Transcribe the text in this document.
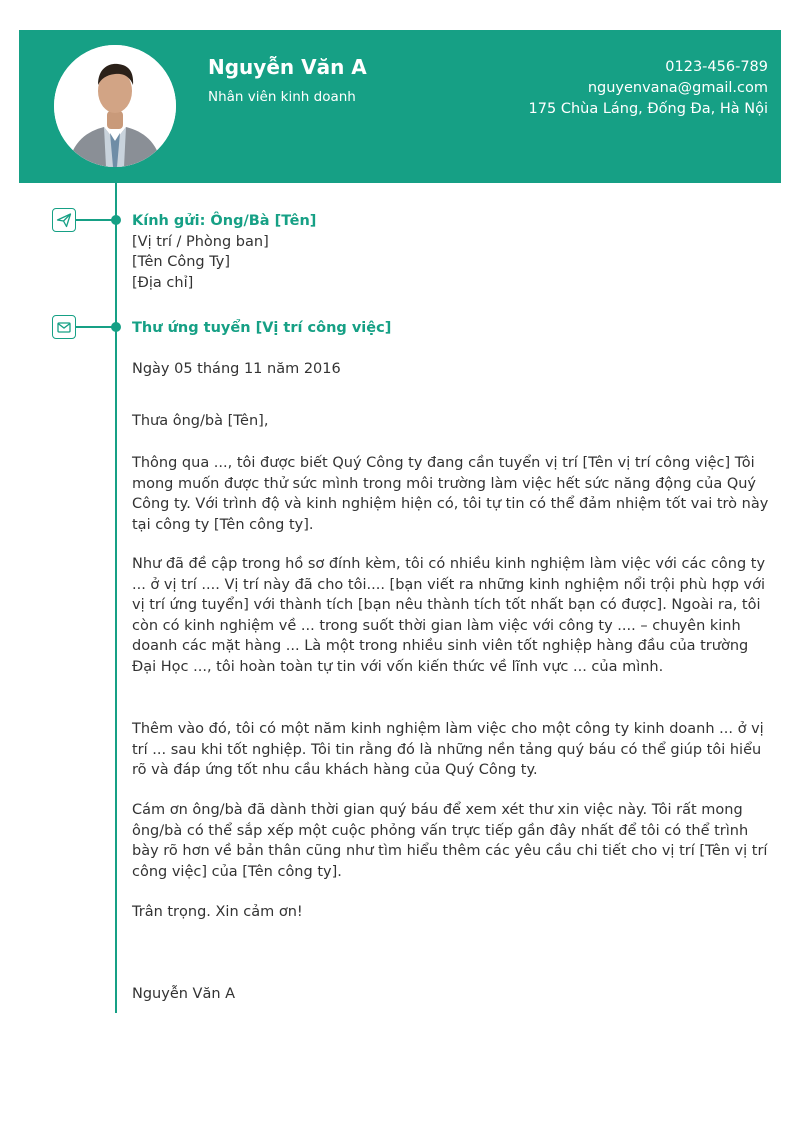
Nguyễn Văn A
Nhân viên kinh doanh
0123-456-789
nguyenvana@gmail.com
175 Chùa Láng, Đống Đa, Hà Nội
Kính gửi: Ông/Bà [Tên]
[Vị trí / Phòng ban]
[Tên Công Ty]
[Địa chỉ]
Thư ứng tuyển [Vị trí công việc]
Ngày 05 tháng 11 năm 2016
Thưa ông/bà [Tên],
Thông qua ..., tôi được biết Quý Công ty đang cần tuyển vị trí [Tên vị trí công việc] Tôi mong muốn được thử sức mình trong môi trường làm việc hết sức năng động của Quý Công ty. Với trình độ và kinh nghiệm hiện có, tôi tự tin có thể đảm nhiệm tốt vai trò này tại công ty [Tên công ty].
Như đã đề cập trong hồ sơ đính kèm, tôi có nhiều kinh nghiệm làm việc với các công ty ... ở vị trí .... Vị trí này đã cho tôi.... [bạn viết ra những kinh nghiệm nổi trội phù hợp với vị trí ứng tuyển] với thành tích [bạn nêu thành tích tốt nhất bạn có được]. Ngoài ra, tôi còn có kinh nghiệm về ... trong suốt thời gian làm việc với công ty .... – chuyên kinh doanh các mặt hàng ... Là một trong nhiều sinh viên tốt nghiệp hàng đầu của trường Đại Học ..., tôi hoàn toàn tự tin với vốn kiến thức về lĩnh vực ... của mình.
Thêm vào đó, tôi có một năm kinh nghiệm làm việc cho một công ty kinh doanh ... ở vị trí ... sau khi tốt nghiệp. Tôi tin rằng đó là những nền tảng quý báu có thể giúp tôi hiểu rõ và đáp ứng tốt nhu cầu khách hàng của Quý Công ty.
Cám ơn ông/bà đã dành thời gian quý báu để xem xét thư xin việc này. Tôi rất mong ông/bà có thể sắp xếp một cuộc phỏng vấn trực tiếp gần đây nhất để tôi có thể trình bày rõ hơn về bản thân cũng như tìm hiểu thêm các yêu cầu chi tiết cho vị trí [Tên vị trí công việc] của [Tên công ty].
Trân trọng. Xin cảm ơn!
Nguyễn Văn A
